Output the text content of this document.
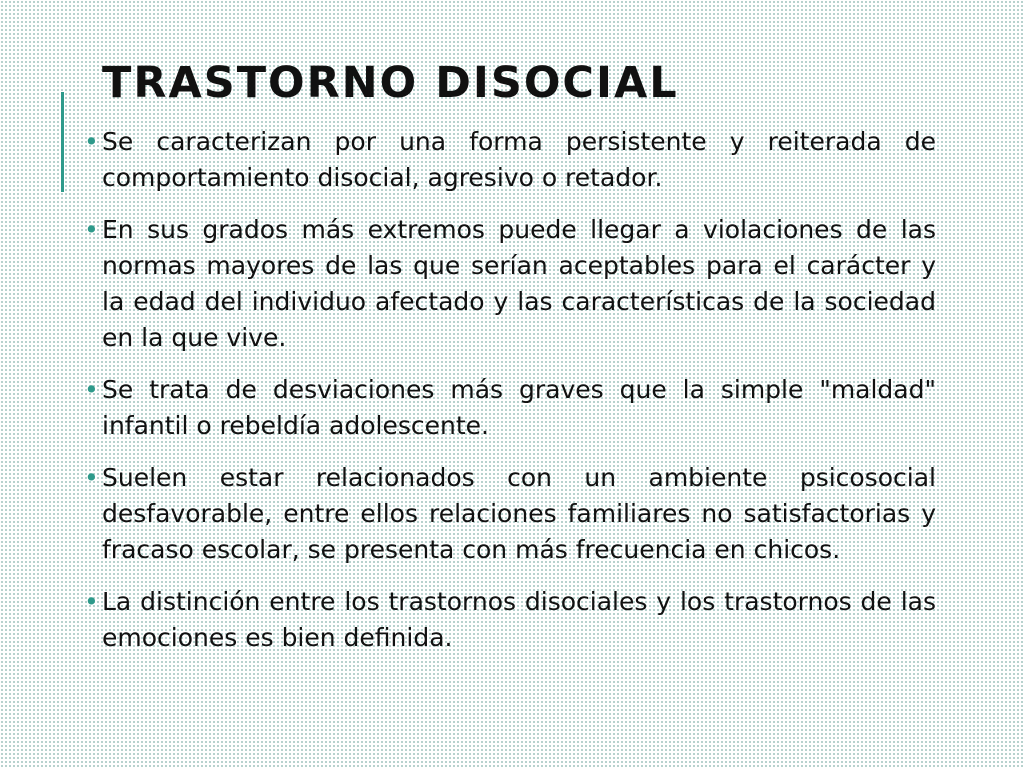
TRASTORNO DISOCIAL

• Se caracterizan por una forma persistente y reiterada de comportamiento disocial, agresivo o retador.

• En sus grados más extremos puede llegar a violaciones de las normas mayores de las que serían aceptables para el carácter y la edad del individuo afectado y las características de la sociedad en la que vive.

• Se trata de desviaciones más graves que la simple "maldad" infantil o rebeldía adolescente.

• Suelen estar relacionados con un ambiente psicosocial desfavorable, entre ellos relaciones familiares no satisfactorias y fracaso escolar, se presenta con más frecuencia en chicos.

• La distinción entre los trastornos disociales y los trastornos de las emociones es bien definida.
